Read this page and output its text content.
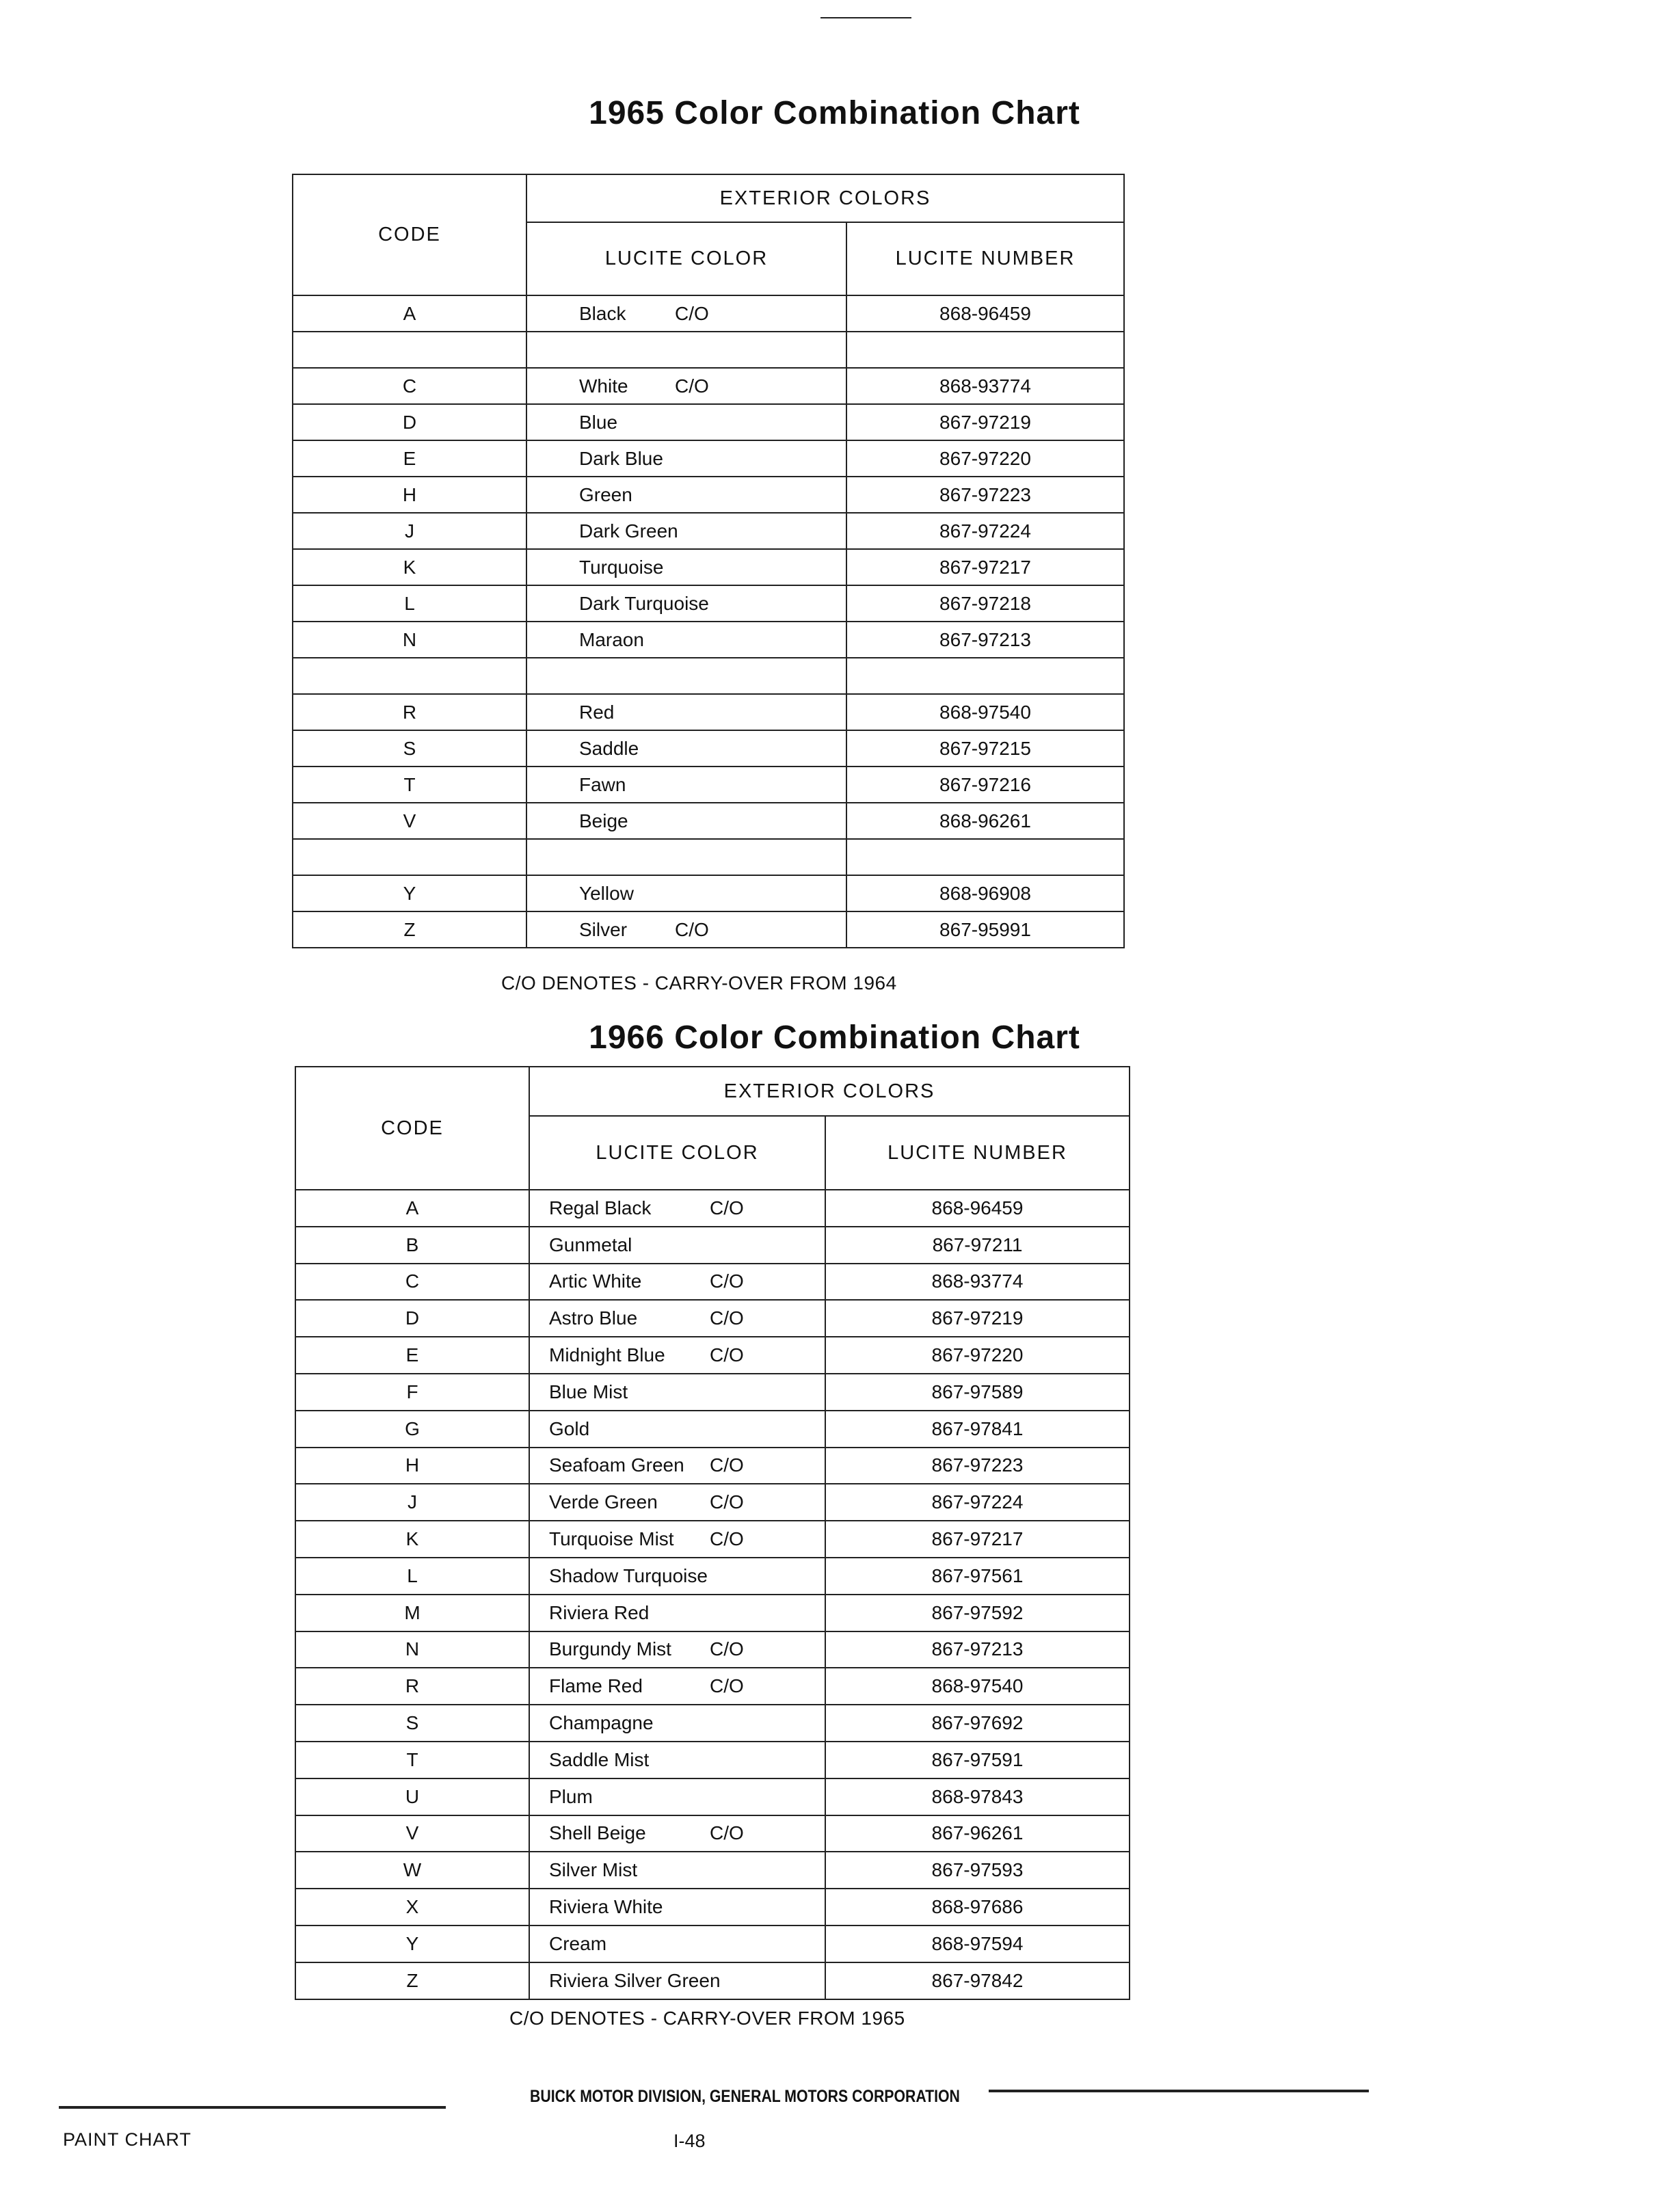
1965 Color Combination Chart
CODE	EXTERIOR COLORS	
	LUCITE COLOR	LUCITE NUMBER
A	Black C/O	868-96459

C	White C/O	868-93774
D	Blue	867-97219
E	Dark Blue	867-97220
H	Green	867-97223
J	Dark Green	867-97224
K	Turquoise	867-97217
L	Dark Turquoise	867-97218
N	Maraon	867-97213

R	Red	868-97540
S	Saddle	867-97215
T	Fawn	867-97216
V	Beige	868-96261

Y	Yellow	868-96908
Z	Silver C/O	867-95991
C/O DENOTES - CARRY-OVER FROM 1964
1966 Color Combination Chart
CODE	EXTERIOR COLORS	
	LUCITE COLOR	LUCITE NUMBER
A	Regal Black C/O	868-96459
B	Gunmetal	867-97211
C	Artic White C/O	868-93774
D	Astro Blue C/O	867-97219
E	Midnight Blue C/O	867-97220
F	Blue Mist	867-97589
G	Gold	867-97841
H	Seafoam Green C/O	867-97223
J	Verde Green C/O	867-97224
K	Turquoise Mist C/O	867-97217
L	Shadow Turquoise	867-97561
M	Riviera Red	867-97592
N	Burgundy Mist C/O	867-97213
R	Flame Red C/O	868-97540
S	Champagne	867-97692
T	Saddle Mist	867-97591
U	Plum	868-97843
V	Shell Beige C/O	867-96261
W	Silver Mist	867-97593
X	Riviera White	868-97686
Y	Cream	868-97594
Z	Riviera Silver Green	867-97842
C/O DENOTES - CARRY-OVER FROM 1965
BUICK MOTOR DIVISION, GENERAL MOTORS CORPORATION
PAINT CHART	I-48
